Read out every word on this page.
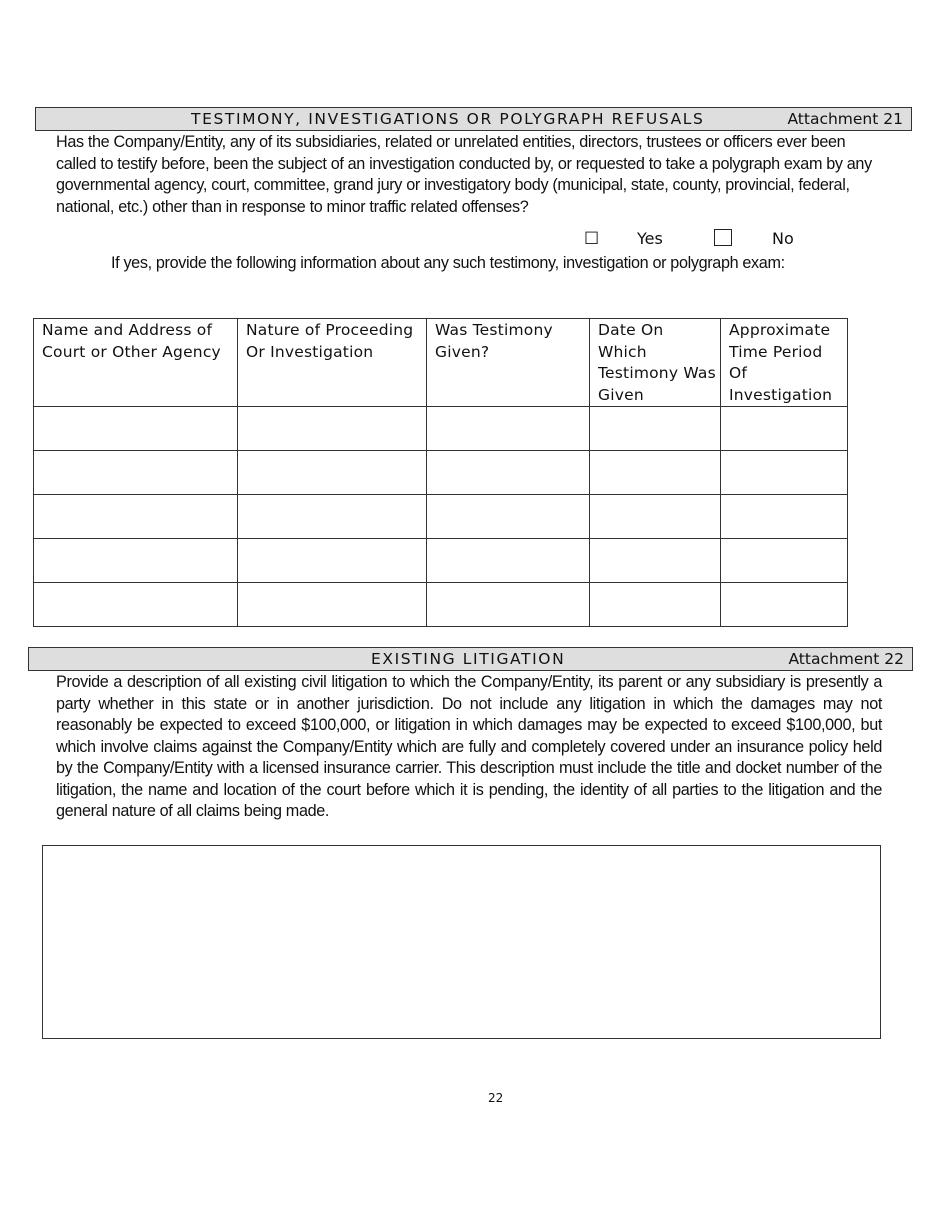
TESTIMONY, INVESTIGATIONS OR POLYGRAPH REFUSALS	Attachment 21
Has the Company/Entity, any of its subsidiaries, related or unrelated entities, directors, trustees or officers ever been called to testify before, been the subject of an investigation conducted by, or requested to take a polygraph exam by any governmental agency, court, committee, grand jury or investigatory body (municipal, state, county, provincial, federal, national, etc.) other than in response to minor traffic related offenses?
☐ Yes	No
If yes, provide the following information about any such testimony, investigation or polygraph exam:
Name and Address of Court or Other Agency	Nature of Proceeding Or Investigation	Was Testimony Given?	Date On Which Testimony Was Given	Approximate Time Period Of Investigation

EXISTING LITIGATION	Attachment 22
Provide a description of all existing civil litigation to which the Company/Entity, its parent or any subsidiary is presently a party whether in this state or in another jurisdiction. Do not include any litigation in which the damages may not reasonably be expected to exceed $100,000, or litigation in which damages may be expected to exceed $100,000, but which involve claims against the Company/Entity which are fully and completely covered under an insurance policy held by the Company/Entity with a licensed insurance carrier. This description must include the title and docket number of the litigation, the name and location of the court before which it is pending, the identity of all parties to the litigation and the general nature of all claims being made.
22
